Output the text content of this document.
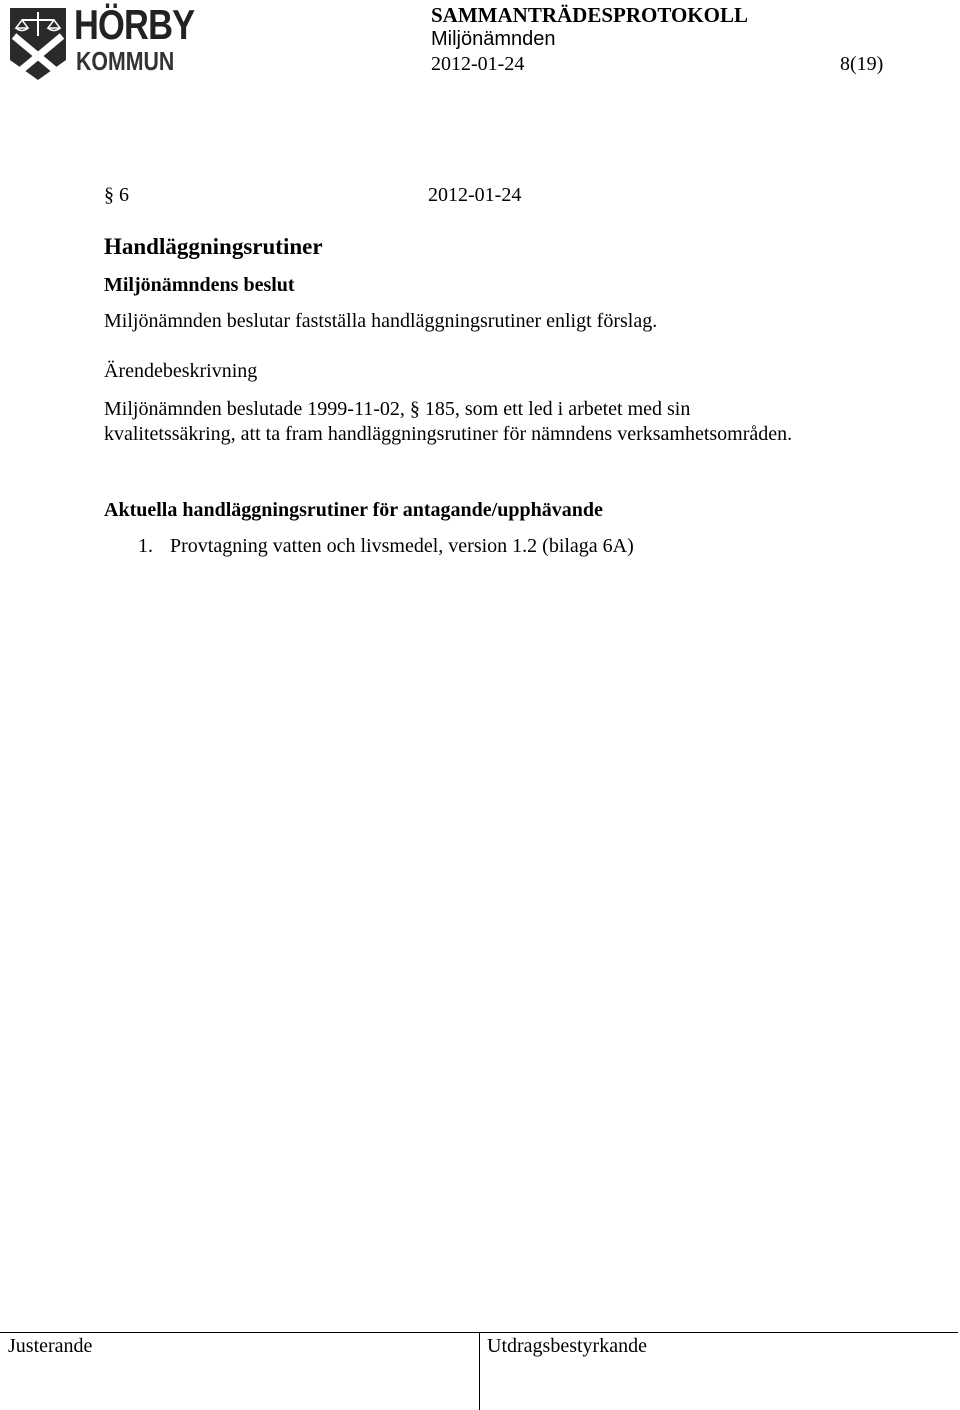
HÖRBY
KOMMUN
SAMMANTRÄDESPROTOKOLL
Miljönämnden
2012-01-24	8(19)
§ 6	2012-01-24
Handläggningsrutiner
Miljönämndens beslut
Miljönämnden beslutar fastställa handläggningsrutiner enligt förslag.
Ärendebeskrivning
Miljönämnden beslutade 1999-11-02, § 185, som ett led i arbetet med sin kvalitetssäkring, att ta fram handläggningsrutiner för nämndens verksamhetsområden.
Aktuella handläggningsrutiner för antagande/upphävande
1. Provtagning vatten och livsmedel, version 1.2 (bilaga 6A)
Justerande	Utdragsbestyrkande
